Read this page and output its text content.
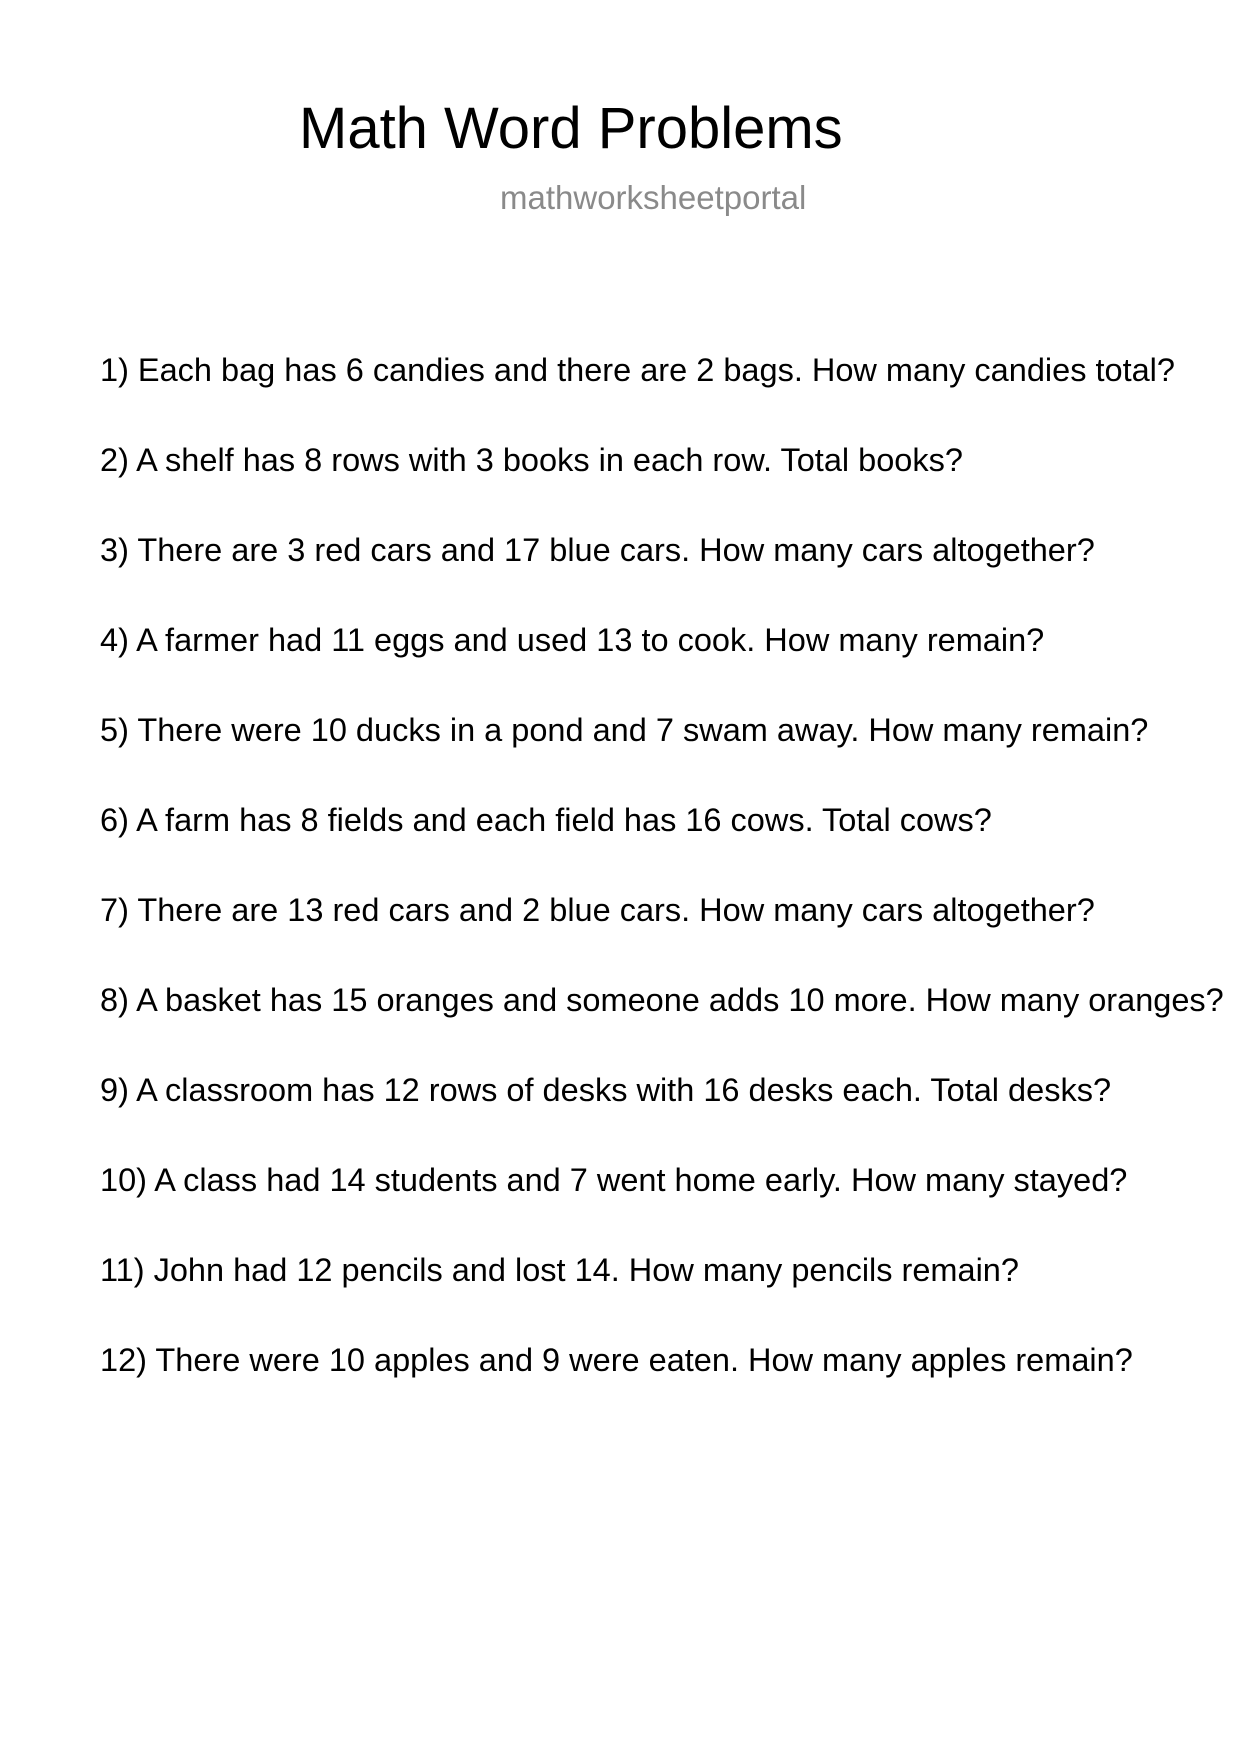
Math Word Problems
mathworksheetportal
1) Each bag has 6 candies and there are 2 bags. How many candies total?
2) A shelf has 8 rows with 3 books in each row. Total books?
3) There are 3 red cars and 17 blue cars. How many cars altogether?
4) A farmer had 11 eggs and used 13 to cook. How many remain?
5) There were 10 ducks in a pond and 7 swam away. How many remain?
6) A farm has 8 fields and each field has 16 cows. Total cows?
7) There are 13 red cars and 2 blue cars. How many cars altogether?
8) A basket has 15 oranges and someone adds 10 more. How many oranges?
9) A classroom has 12 rows of desks with 16 desks each. Total desks?
10) A class had 14 students and 7 went home early. How many stayed?
11) John had 12 pencils and lost 14. How many pencils remain?
12) There were 10 apples and 9 were eaten. How many apples remain?
